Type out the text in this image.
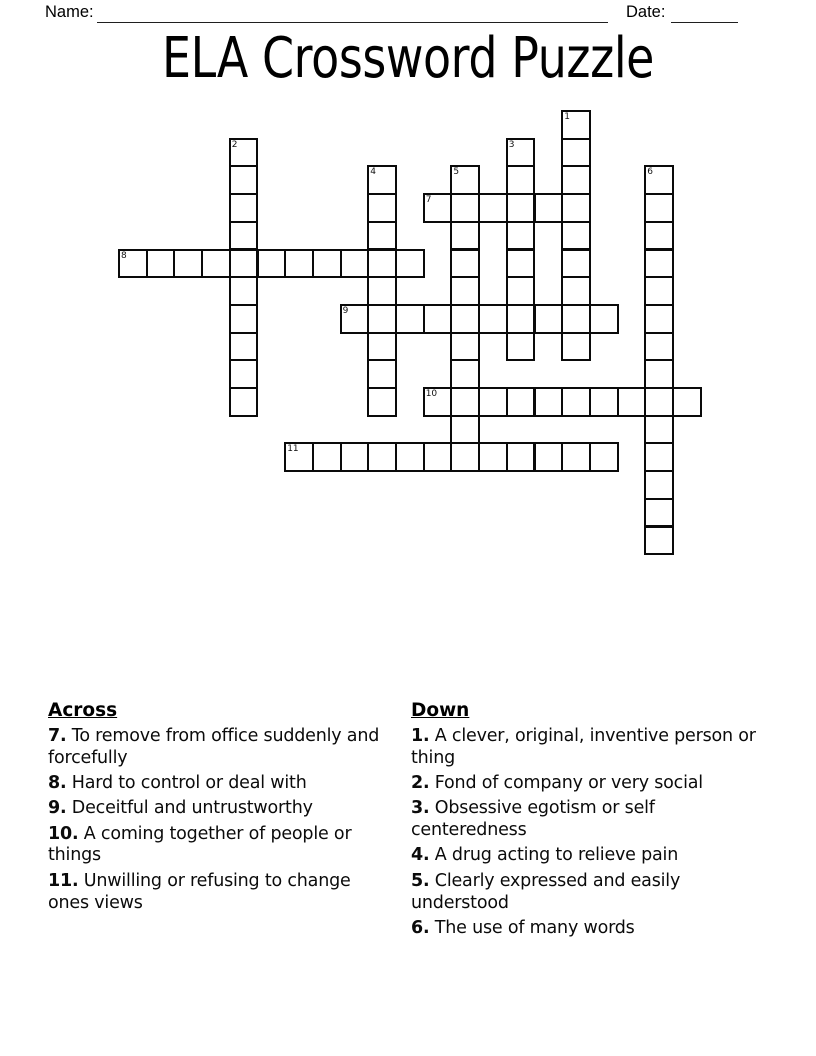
Name:	Date:
ELA Crossword Puzzle
1
2	3
4	5	6
7
8
9
10
11
Across
7. To remove from office suddenly and forcefully
8. Hard to control or deal with
9. Deceitful and untrustworthy
10. A coming together of people or things
11. Unwilling or refusing to change ones views
Down
1. A clever, original, inventive person or thing
2. Fond of company or very social
3. Obsessive egotism or self centeredness
4. A drug acting to relieve pain
5. Clearly expressed and easily understood
6. The use of many words
